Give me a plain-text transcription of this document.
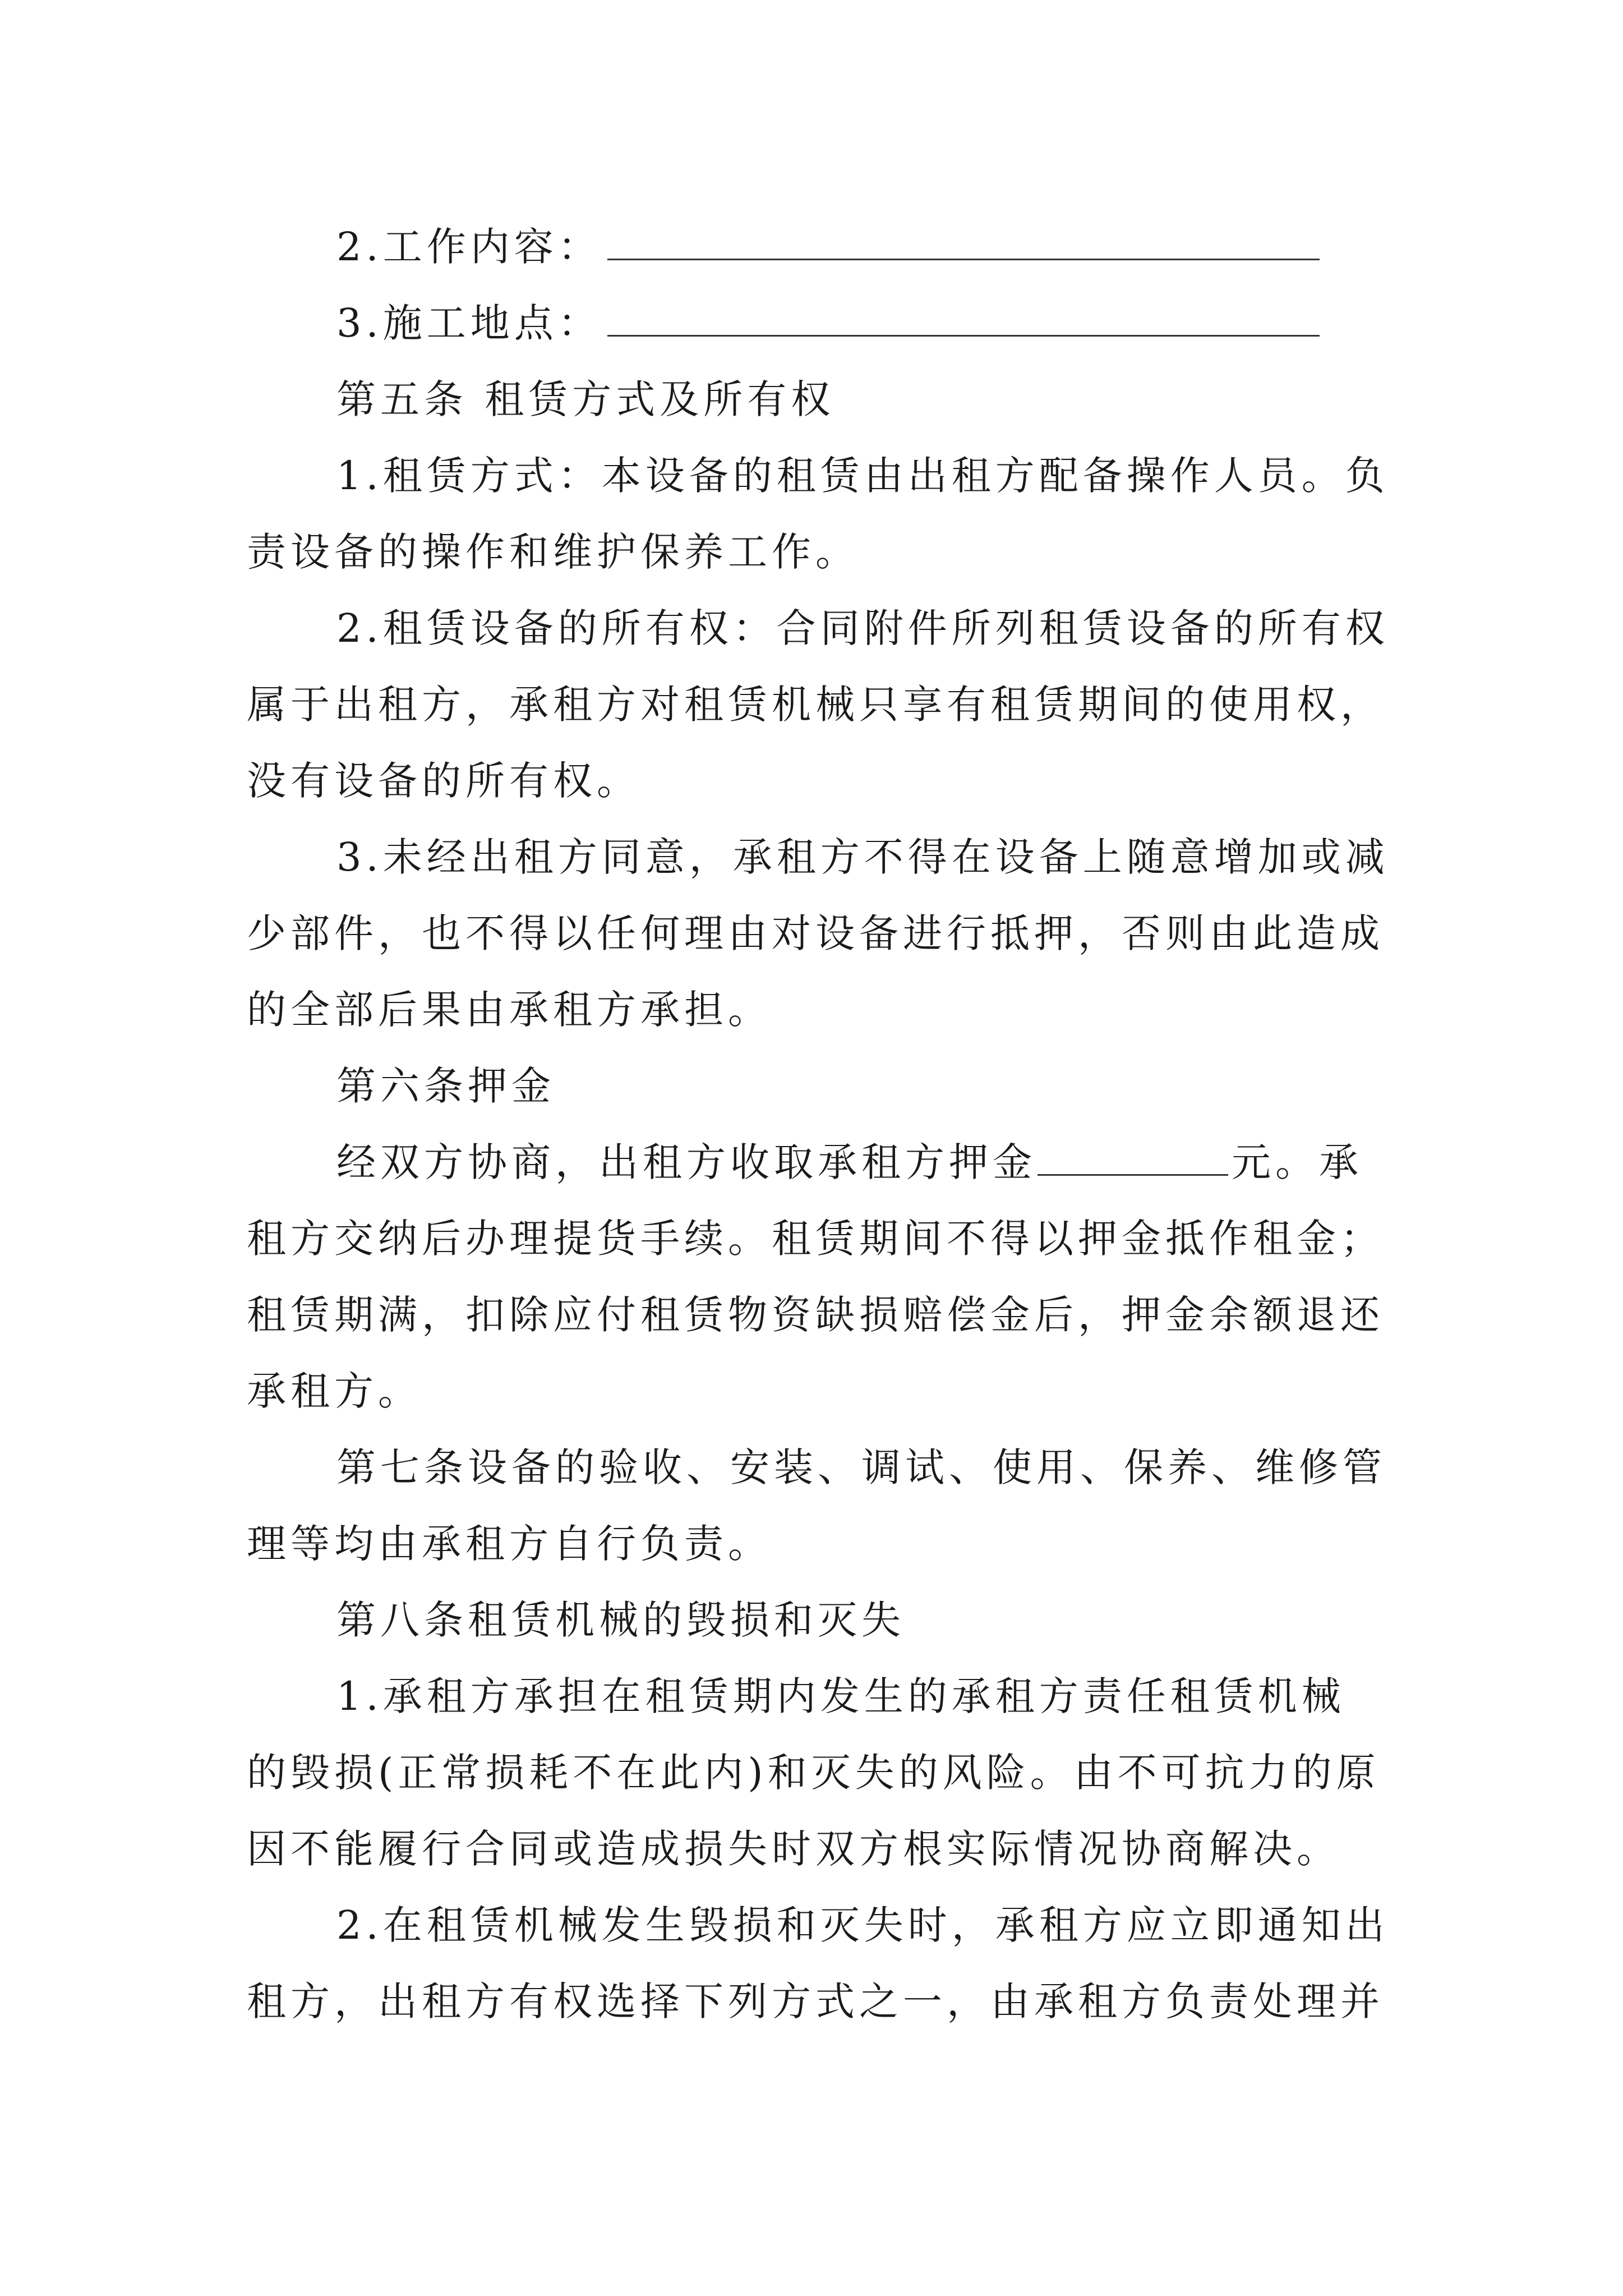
2.工作内容：
3.施工地点：
第五条 租赁方式及所有权
1.租赁方式：本设备的租赁由出租方配备操作人员。负
责设备的操作和维护保养工作。
2.租赁设备的所有权：合同附件所列租赁设备的所有权
属于出租方，承租方对租赁机械只享有租赁期间的使用权，
没有设备的所有权。
3.未经出租方同意，承租方不得在设备上随意增加或减
少部件，也不得以任何理由对设备进行抵押，否则由此造成
的全部后果由承租方承担。
第六条押金
经双方协商，出租方收取承租方押金	元。承
租方交纳后办理提货手续。租赁期间不得以押金抵作租金；
租赁期满，扣除应付租赁物资缺损赔偿金后，押金余额退还
承租方。
第七条设备的验收、安装、调试、使用、保养、维修管
理等均由承租方自行负责。
第八条租赁机械的毁损和灭失
1.承租方承担在租赁期内发生的承租方责任租赁机械
的毁损(正常损耗不在此内)和灭失的风险。由不可抗力的原
因不能履行合同或造成损失时双方根实际情况协商解决。
2.在租赁机械发生毁损和灭失时，承租方应立即通知出
租方，出租方有权选择下列方式之一，由承租方负责处理并
